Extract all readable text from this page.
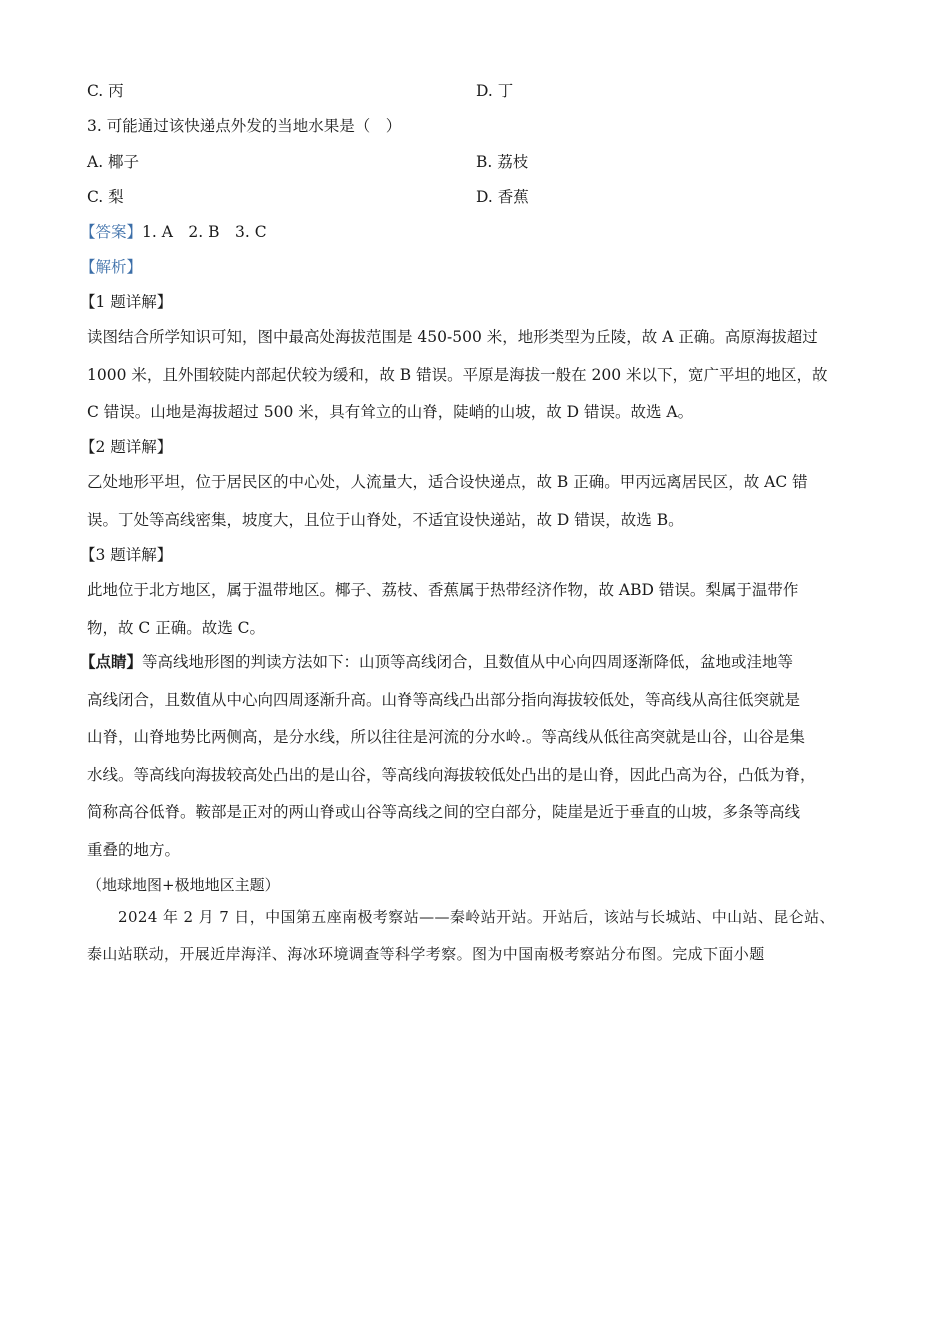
C. 丙	D. 丁
3. 可能通过该快递点外发的当地水果是（　）
A. 椰子	B. 荔枝
C. 梨	D. 香蕉
【答案】1. A　2. B　3. C
【解析】
【1 题详解】
读图结合所学知识可知，图中最高处海拔范围是 450-500 米，地形类型为丘陵，故 A 正确。高原海拔超过
1000 米，且外围较陡内部起伏较为缓和，故 B 错误。平原是海拔一般在 200 米以下，宽广平坦的地区，故
C 错误。山地是海拔超过 500 米，具有耸立的山脊，陡峭的山坡，故 D 错误。故选 A。
【2 题详解】
乙处地形平坦，位于居民区的中心处，人流量大，适合设快递点，故 B 正确。甲丙远离居民区，故 AC 错
误。丁处等高线密集，坡度大，且位于山脊处，不适宜设快递站，故 D 错误，故选 B。
【3 题详解】
此地位于北方地区，属于温带地区。椰子、荔枝、香蕉属于热带经济作物，故 ABD 错误。梨属于温带作
物，故 C 正确。故选 C。
【点睛】等高线地形图的判读方法如下：山顶等高线闭合，且数值从中心向四周逐渐降低，盆地或洼地等
高线闭合，且数值从中心向四周逐渐升高。山脊等高线凸出部分指向海拔较低处，等高线从高往低突就是
山脊，山脊地势比两侧高，是分水线，所以往往是河流的分水岭.。等高线从低往高突就是山谷，山谷是集
水线。等高线向海拔较高处凸出的是山谷，等高线向海拔较低处凸出的是山脊，因此凸高为谷，凸低为脊，
简称高谷低脊。鞍部是正对的两山脊或山谷等高线之间的空白部分，陡崖是近于垂直的山坡，多条等高线
重叠的地方。
（地球地图+极地地区主题）
2024 年 2 月 7 日，中国第五座南极考察站——秦岭站开站。开站后，该站与长城站、中山站、昆仑站、
泰山站联动，开展近岸海洋、海冰环境调查等科学考察。图为中国南极考察站分布图。完成下面小题
